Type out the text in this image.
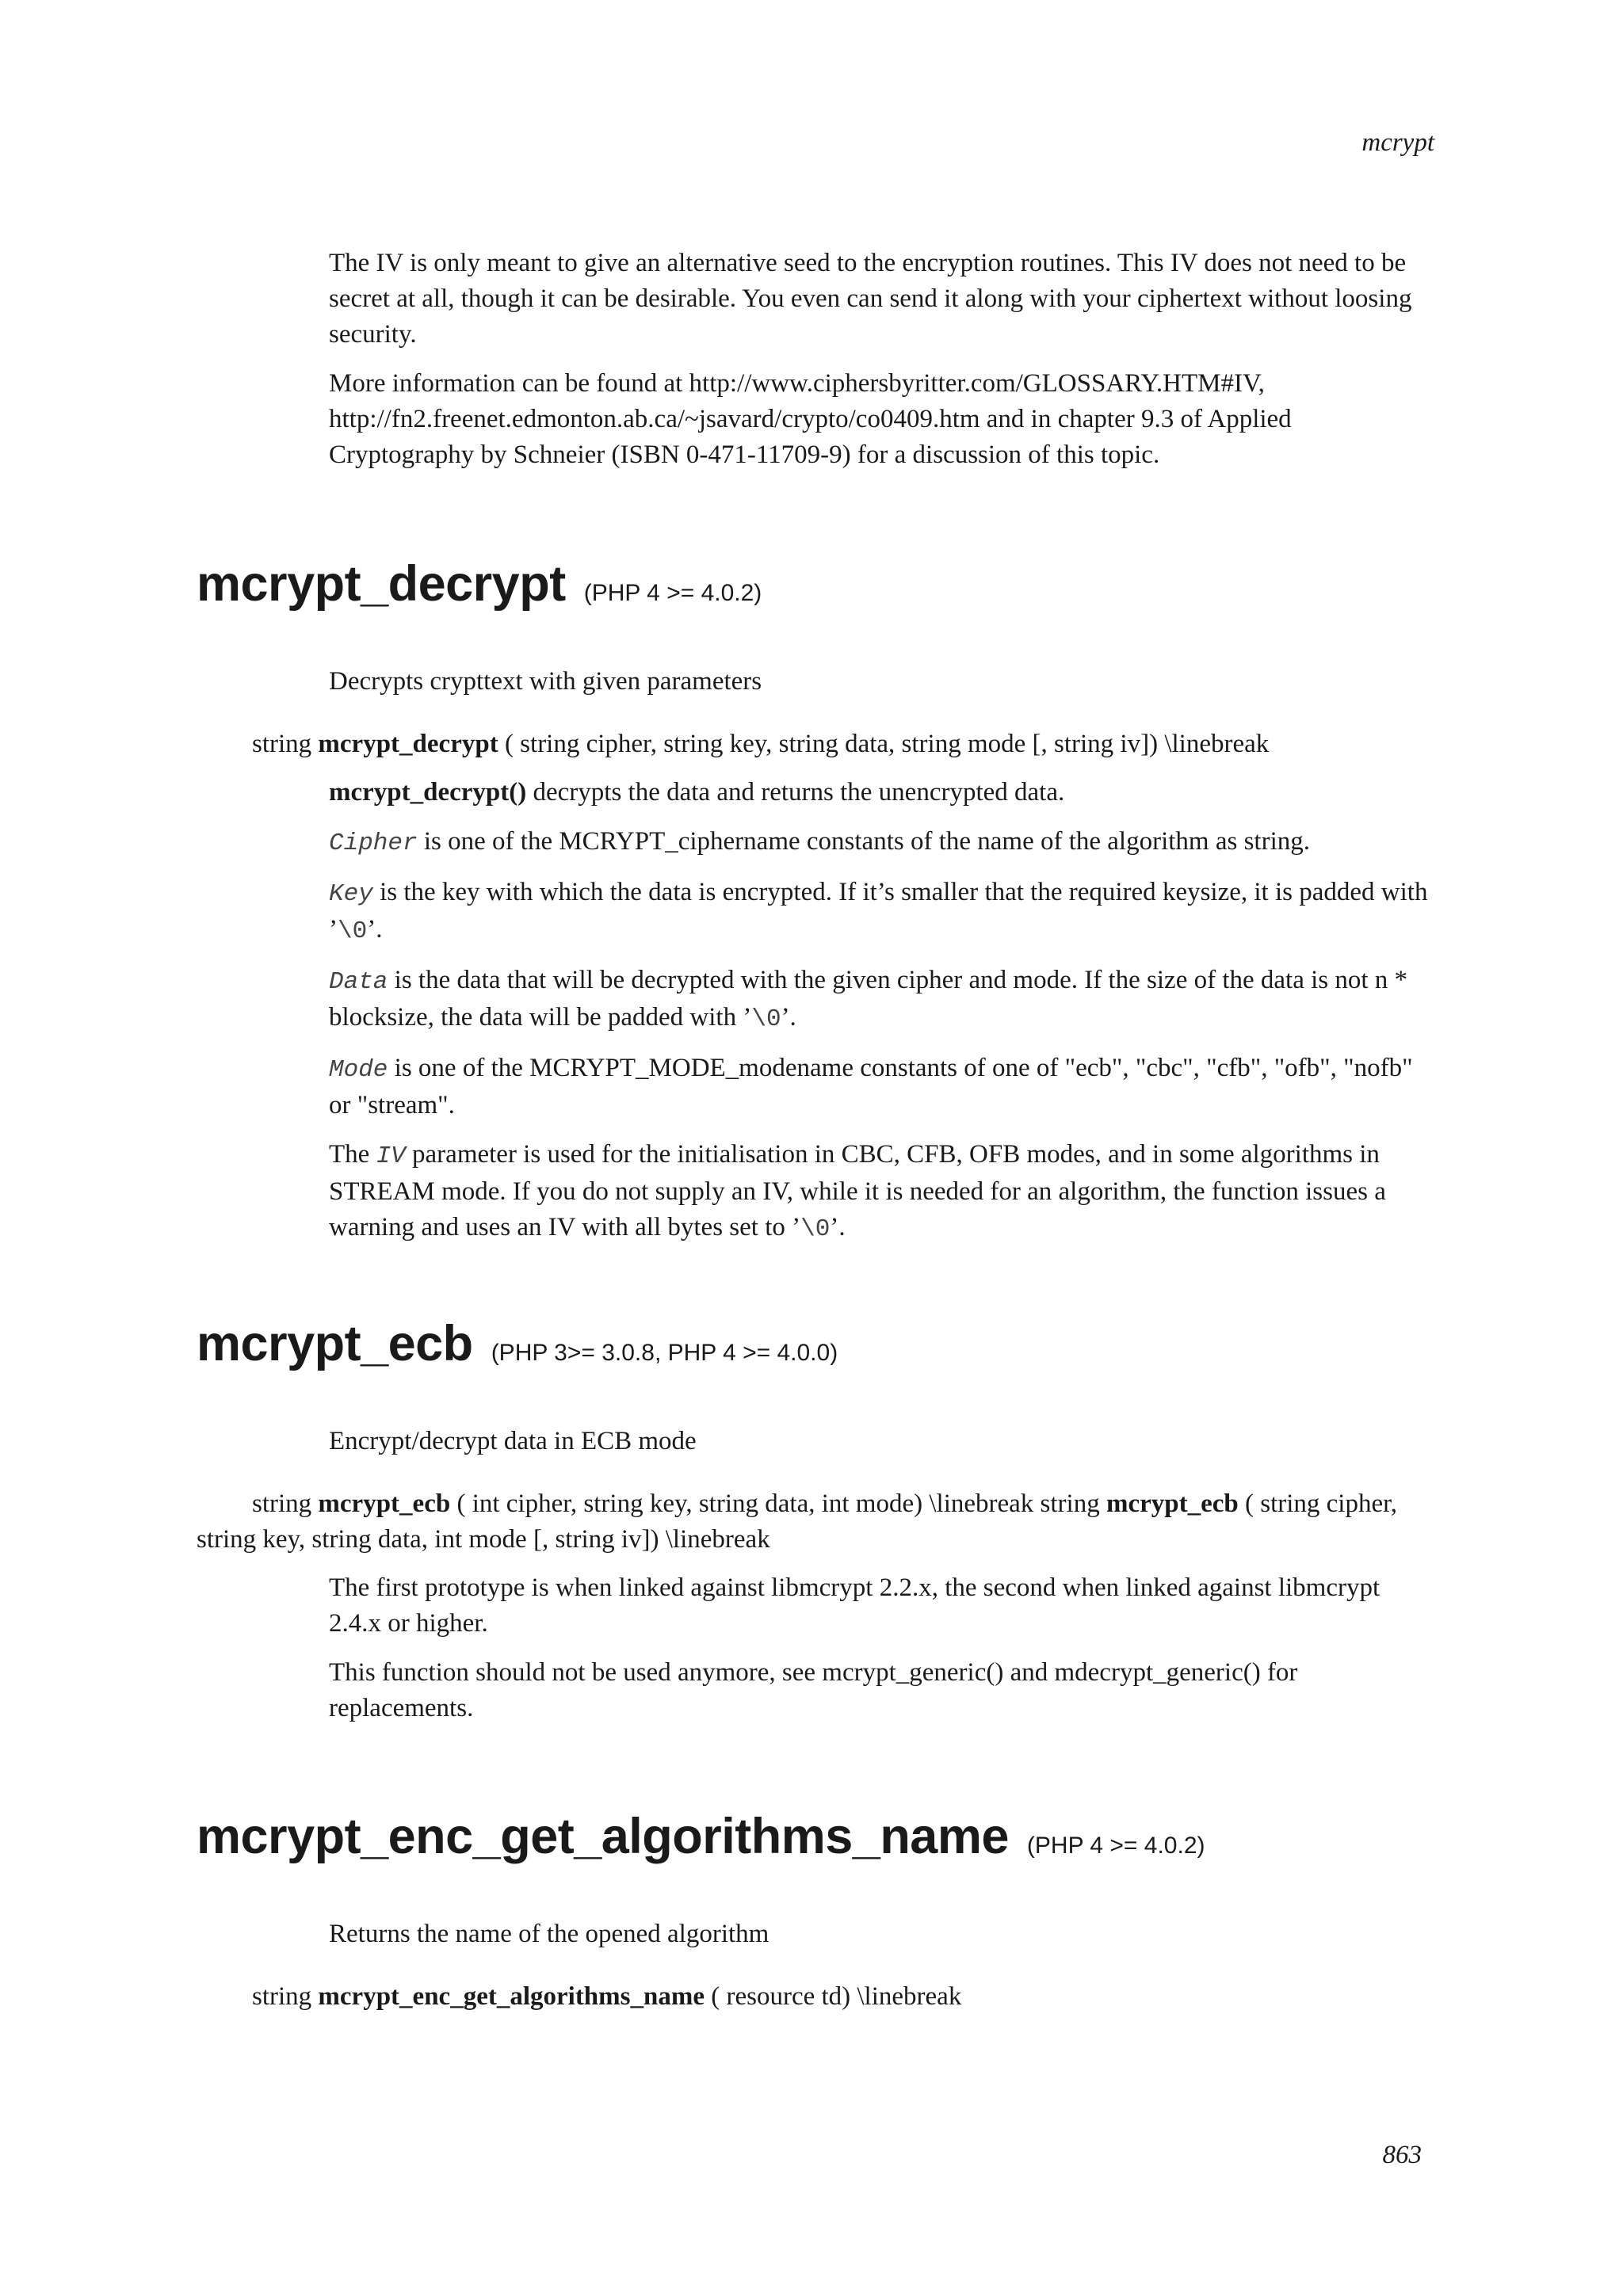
mcrypt

The IV is only meant to give an alternative seed to the encryption routines. This IV does not need to be secret at all, though it can be desirable. You even can send it along with your ciphertext without loosing security.

More information can be found at http://www.ciphersbyritter.com/GLOSSARY.HTM#IV, http://fn2.freenet.edmonton.ab.ca/~jsavard/crypto/co0409.htm and in chapter 9.3 of Applied Cryptography by Schneier (ISBN 0-471-11709-9) for a discussion of this topic.

mcrypt_decrypt (PHP 4 >= 4.0.2)
Decrypts crypttext with given parameters
string mcrypt_decrypt ( string cipher, string key, string data, string mode [, string iv]) \linebreak

mcrypt_decrypt() decrypts the data and returns the unencrypted data.

Cipher is one of the MCRYPT_ciphername constants of the name of the algorithm as string.

Key is the key with which the data is encrypted. If it’s smaller that the required keysize, it is padded with ’\0’.

Data is the data that will be decrypted with the given cipher and mode. If the size of the data is not n * blocksize, the data will be padded with ’\0’.

Mode is one of the MCRYPT_MODE_modename constants of one of "ecb", "cbc", "cfb", "ofb", "nofb" or "stream".

The IV parameter is used for the initialisation in CBC, CFB, OFB modes, and in some algorithms in STREAM mode. If you do not supply an IV, while it is needed for an algorithm, the function issues a warning and uses an IV with all bytes set to ’\0’.

mcrypt_ecb (PHP 3>= 3.0.8, PHP 4 >= 4.0.0)
Encrypt/decrypt data in ECB mode
string mcrypt_ecb ( int cipher, string key, string data, int mode) \linebreak string mcrypt_ecb ( string cipher, string key, string data, int mode [, string iv]) \linebreak

The first prototype is when linked against libmcrypt 2.2.x, the second when linked against libmcrypt 2.4.x or higher.

This function should not be used anymore, see mcrypt_generic() and mdecrypt_generic() for replacements.

mcrypt_enc_get_algorithms_name (PHP 4 >= 4.0.2)
Returns the name of the opened algorithm
string mcrypt_enc_get_algorithms_name ( resource td) \linebreak
863
